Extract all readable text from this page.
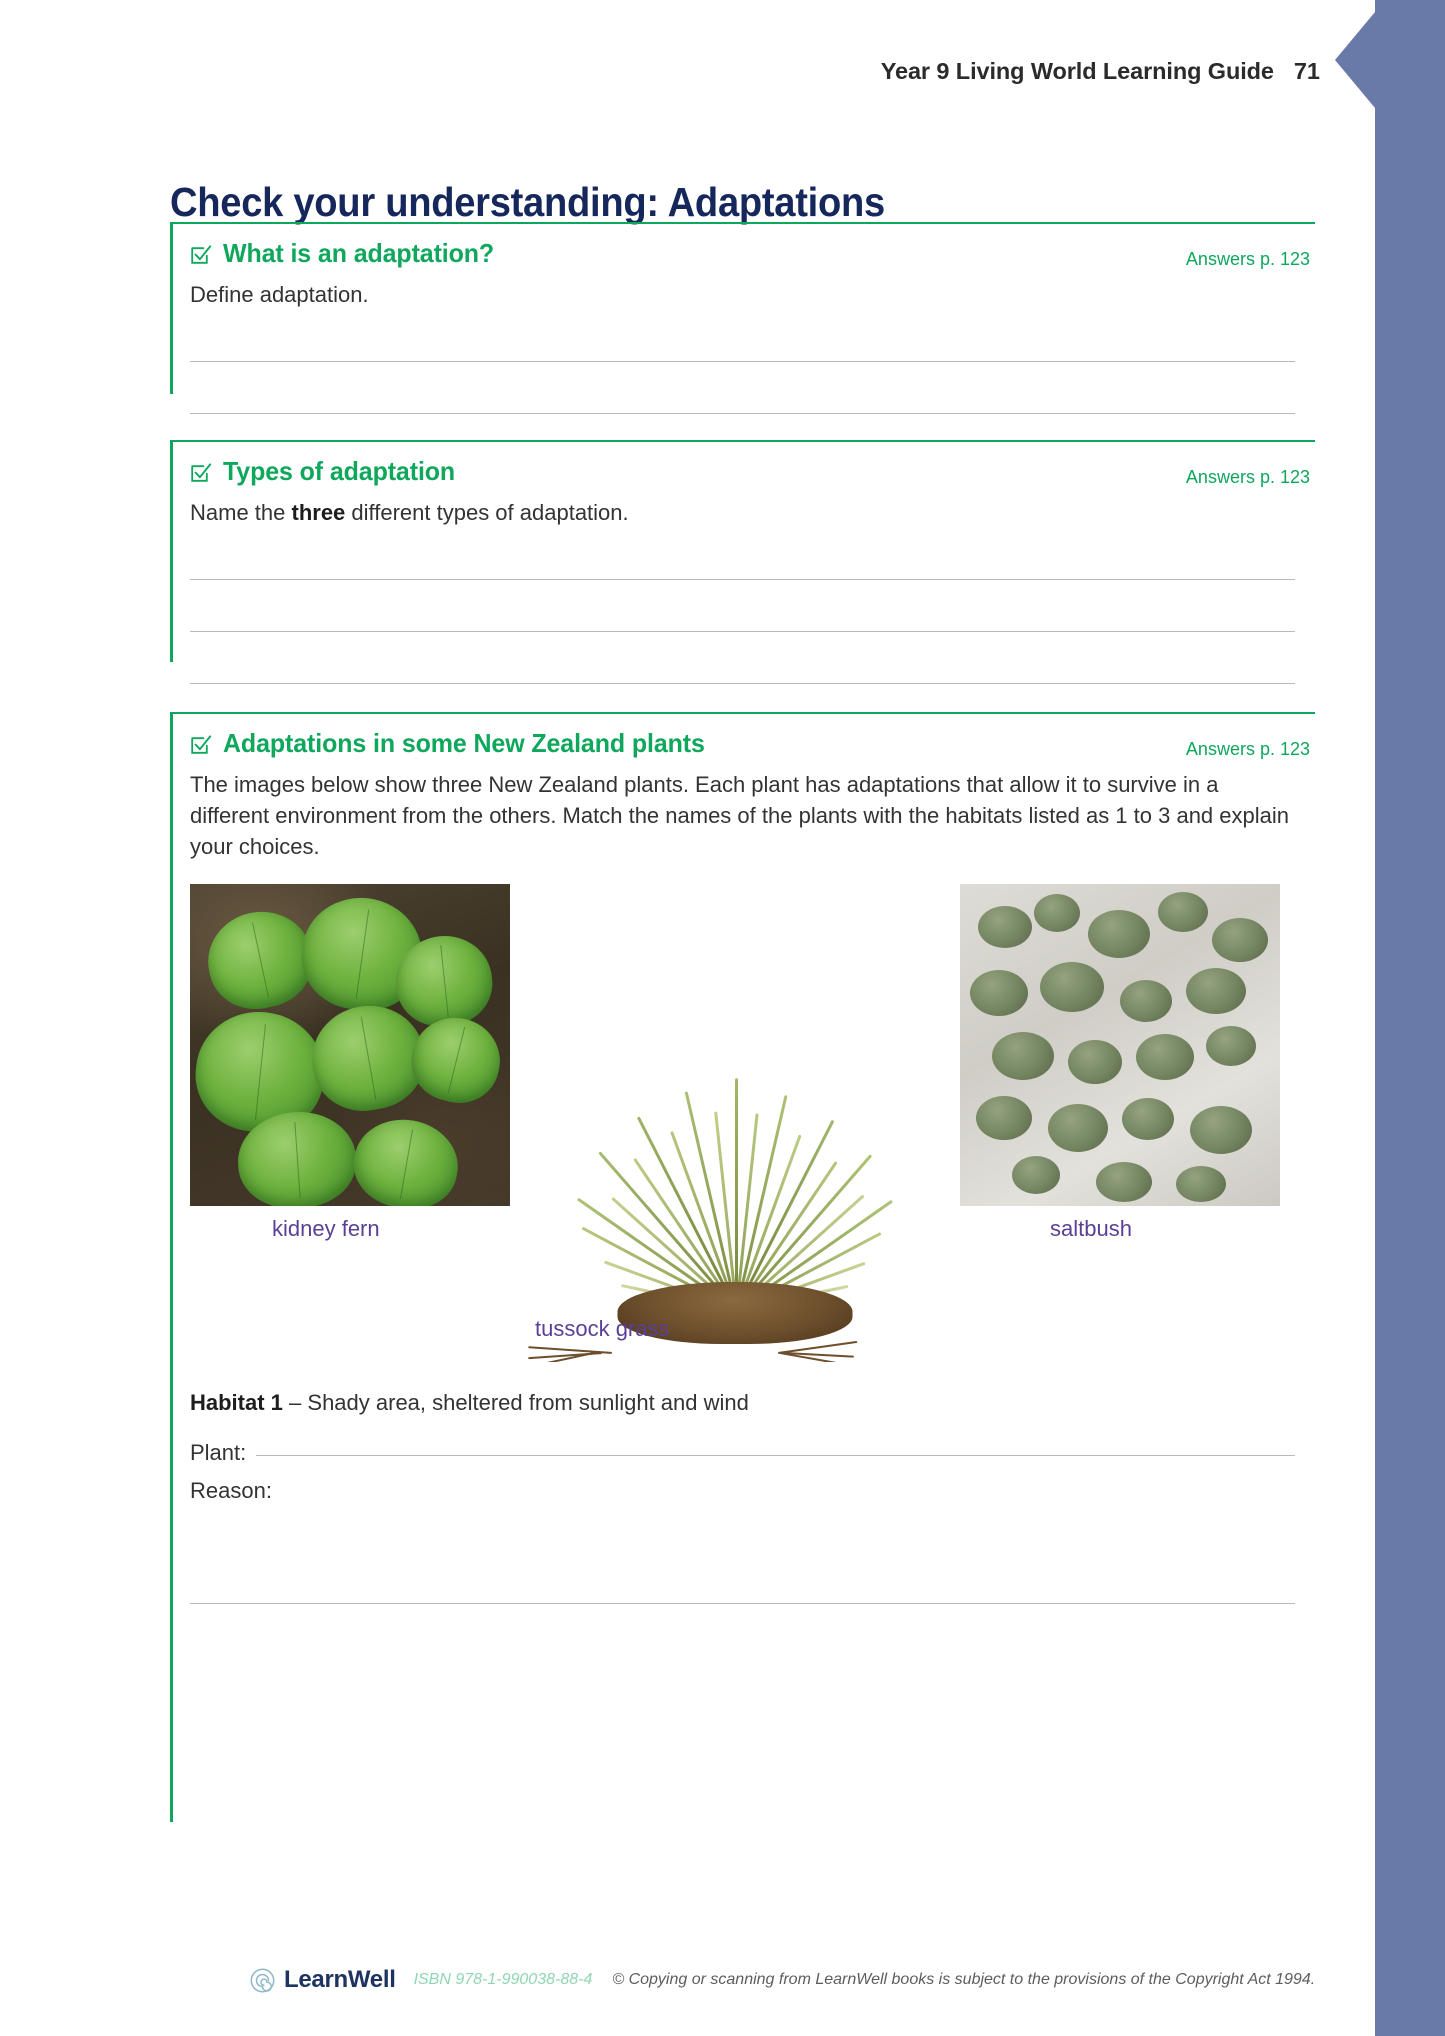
Year 9 Living World Learning Guide 71
Check your understanding: Adaptations
What is an adaptation?	Answers p. 123
Define adaptation.
Types of adaptation	Answers p. 123
Name the three different types of adaptation.
Adaptations in some New Zealand plants	Answers p. 123
The images below show three New Zealand plants. Each plant has adaptations that allow it to survive in a different environment from the others. Match the names of the plants with the habitats listed as 1 to 3 and explain your choices.
kidney fern	saltbush
tussock grass
Habitat 1 – Shady area, sheltered from sunlight and wind
Plant:
Reason:
LearnWell ISBN 978-1-990038-88-4 © Copying or scanning from LearnWell books is subject to the provisions of the Copyright Act 1994.
